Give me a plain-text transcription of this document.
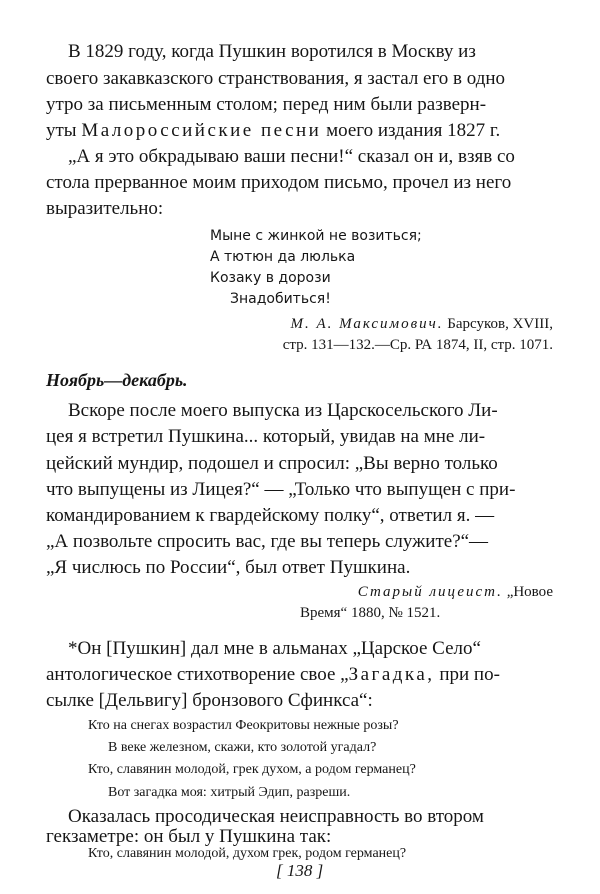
В 1829 году, когда Пушкин воротился в Москву из
своего закавказского странствования, я застал его в одно
утро за письменным столом; перед ним были разверн-
уты Малороссийские песни моего издания 1827 г.
„А я это обкрадываю ваши песни!“ сказал он и, взяв со
стола прерванное моим приходом письмо, прочел из него
выразительно:
Мыне с жинкой не возиться;
А тютюн да люлька
Козаку в дорози
Знадобиться!
М. А. Максимович. Барсуков, XVIII,
стр. 131—132.—Ср. РА 1874, II, стр. 1071.
Ноябрь—декабрь.
Вскоре после моего выпуска из Царскосельского Ли-
цея я встретил Пушкина... который, увидав на мне ли-
цейский мундир, подошел и спросил: „Вы верно только
что выпущены из Лицея?“ — „Только что выпущен с при-
командированием к гвардейскому полку“, ответил я. —
„А позвольте спросить вас, где вы теперь служите?“—
„Я числюсь по России“, был ответ Пушкина.
Старый лицеист. „Новое
Время“ 1880, № 1521.
*Он [Пушкин] дал мне в альманах „Царское Село“
антологическое стихотворение свое „Загадка, при по-
сылке [Дельвигу] бронзового Сфинкса“:
Кто на снегах возрастил Феокритовы нежные розы?
В веке железном, скажи, кто золотой угадал?
Кто, славянин молодой, грек духом, а родом германец?
Вот загадка моя: хитрый Эдип, разреши.
Оказалась просодическая неисправность во втором
гекзаметре: он был у Пушкина так:
Кто, славянин молодой, духом грек, родом германец?
[ 138 ]
